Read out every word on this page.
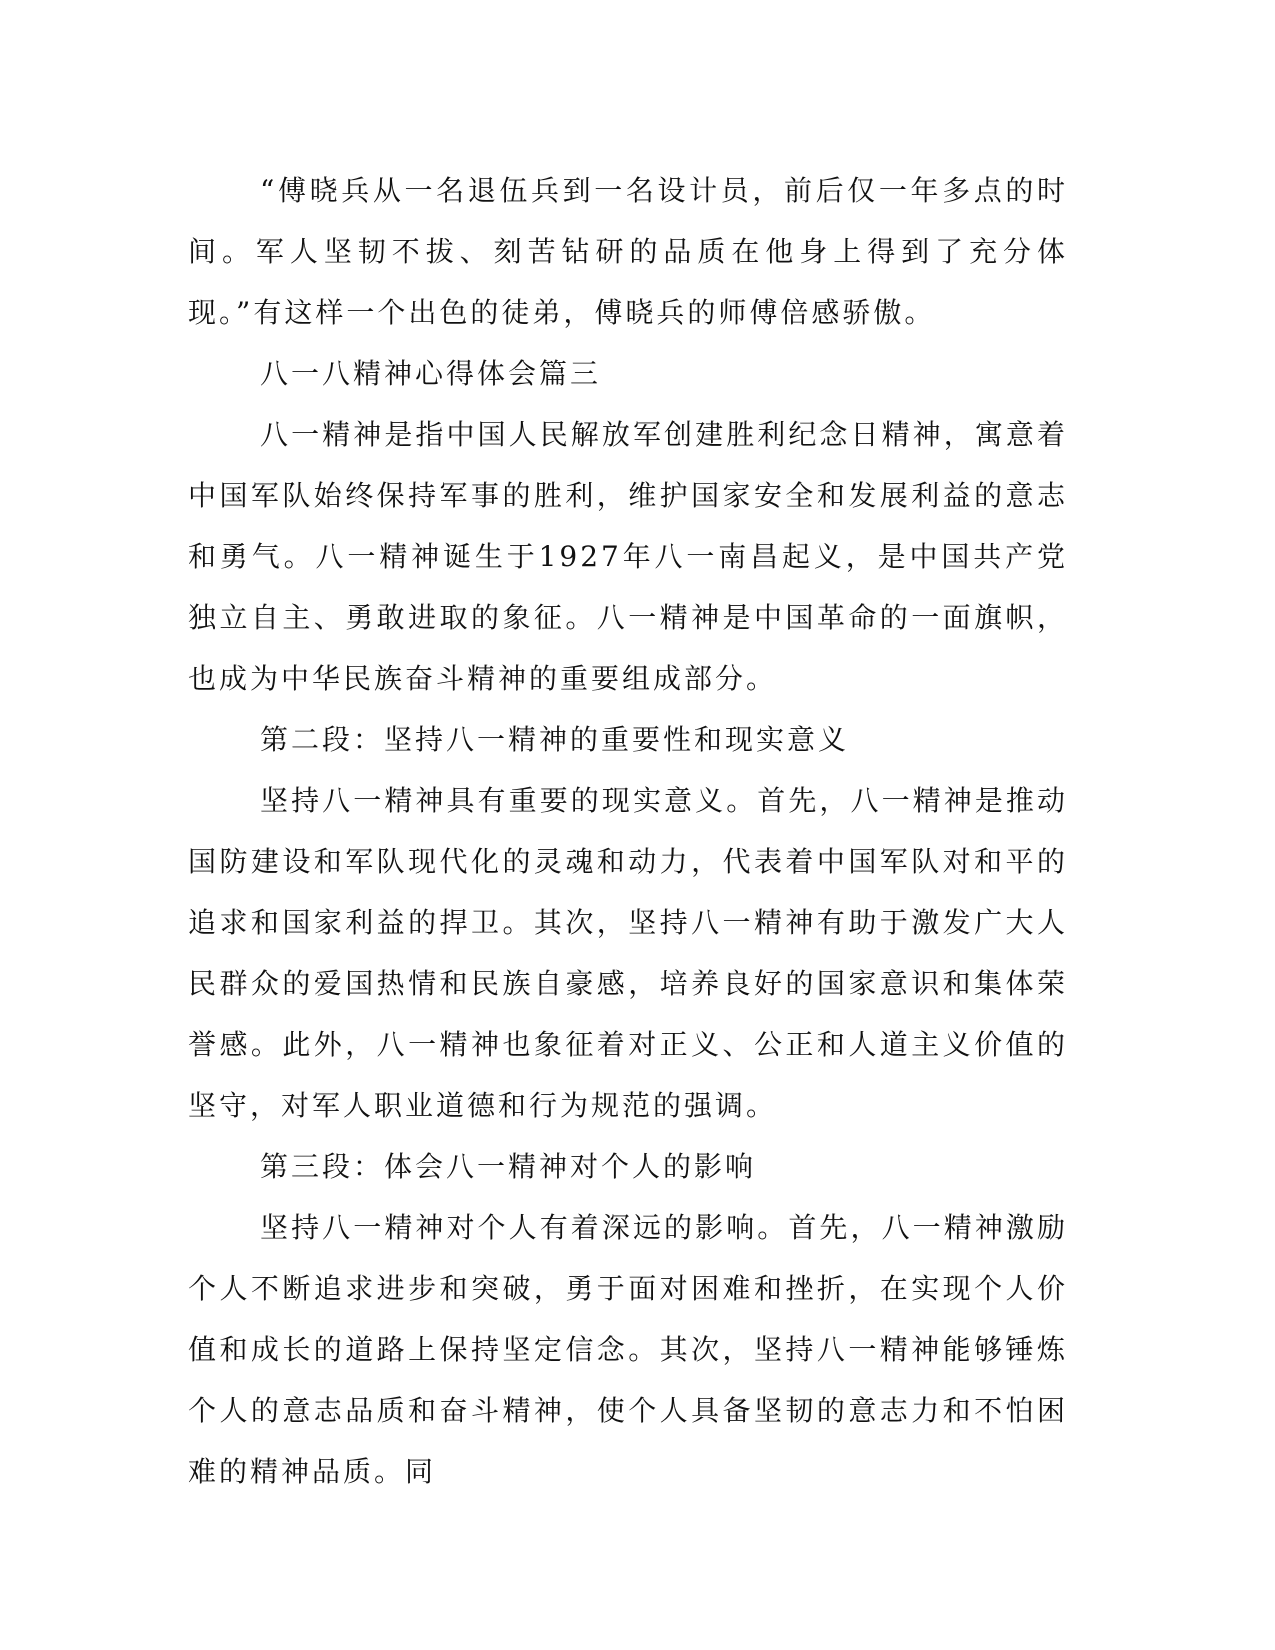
“傅晓兵从一名退伍兵到一名设计员，前后仅一年多点的时间。军人坚韧不拔、刻苦钻研的品质在他身上得到了充分体现。”有这样一个出色的徒弟，傅晓兵的师傅倍感骄傲。

八一八精神心得体会篇三

八一精神是指中国人民解放军创建胜利纪念日精神，寓意着中国军队始终保持军事的胜利，维护国家安全和发展利益的意志和勇气。八一精神诞生于1927年八一南昌起义，是中国共产党独立自主、勇敢进取的象征。八一精神是中国革命的一面旗帜，也成为中华民族奋斗精神的重要组成部分。

第二段：坚持八一精神的重要性和现实意义

坚持八一精神具有重要的现实意义。首先，八一精神是推动国防建设和军队现代化的灵魂和动力，代表着中国军队对和平的追求和国家利益的捍卫。其次，坚持八一精神有助于激发广大人民群众的爱国热情和民族自豪感，培养良好的国家意识和集体荣誉感。此外，八一精神也象征着对正义、公正和人道主义价值的坚守，对军人职业道德和行为规范的强调。

第三段：体会八一精神对个人的影响

坚持八一精神对个人有着深远的影响。首先，八一精神激励个人不断追求进步和突破，勇于面对困难和挫折，在实现个人价值和成长的道路上保持坚定信念。其次，坚持八一精神能够锤炼个人的意志品质和奋斗精神，使个人具备坚韧的意志力和不怕困难的精神品质。同
